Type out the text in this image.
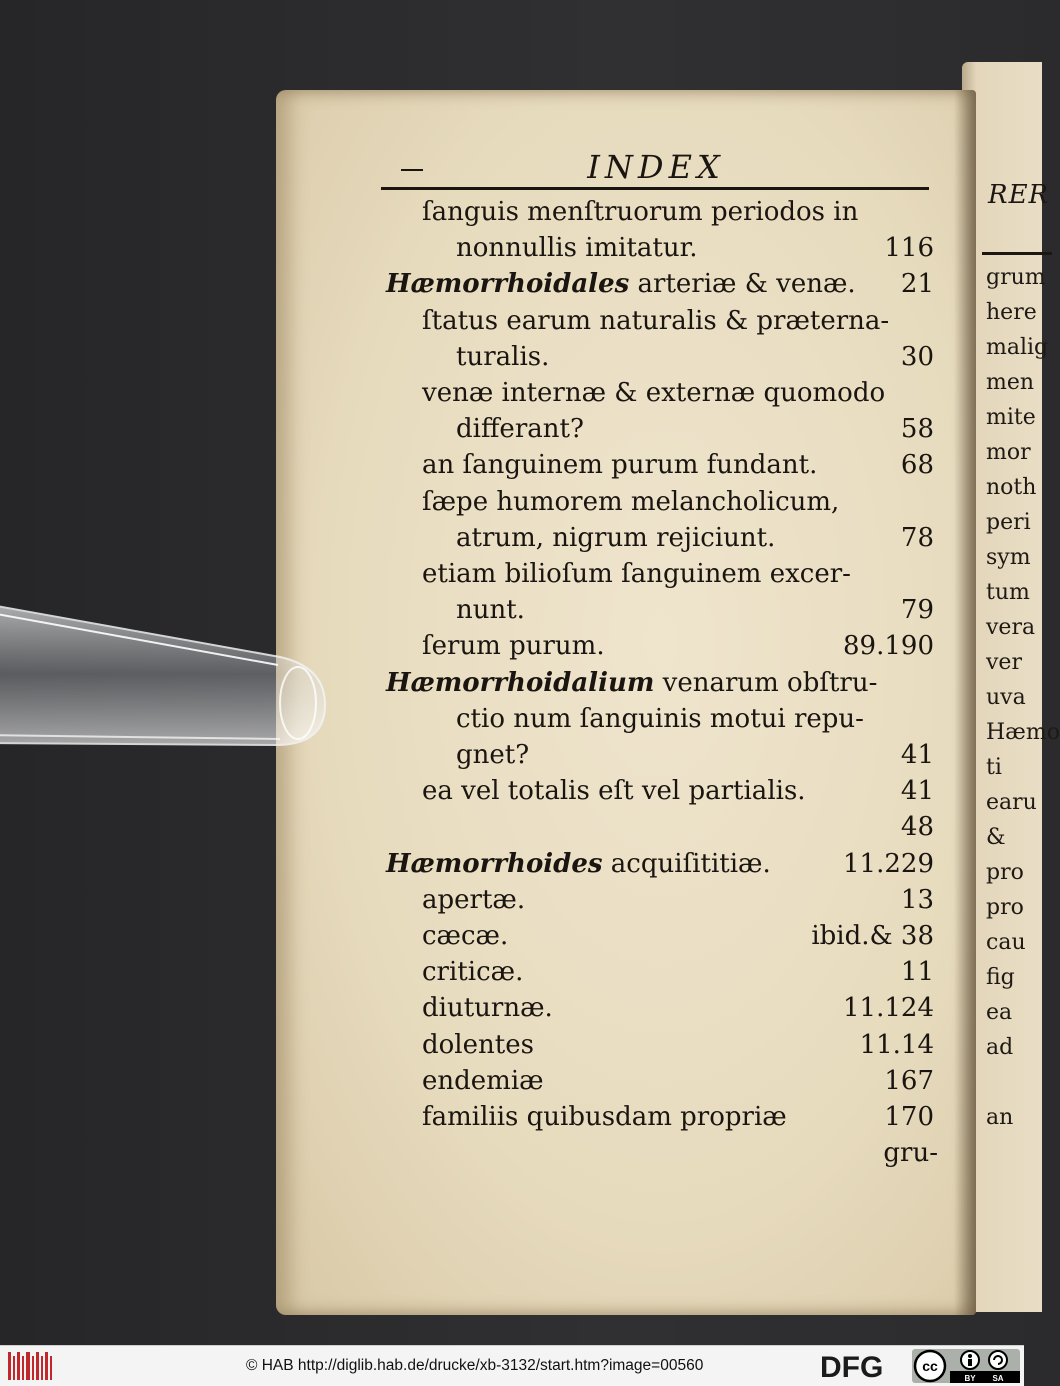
RER
grum
here
malig
men
mite
mor
noth
peri
sym
tum
vera
ver
uva
Hæmo
ti
earu
&
pro
pro
cau
fig
ea
ad
an
INDEX
ſanguis menſtruorum periodos in
nonnullis imitatur.	116
Hæmorrhoidales arteriæ & venæ. 21
ſtatus earum naturalis & præterna-
turalis.	30
venæ internæ & externæ quomodo
differant?	58
an ſanguinem purum fundant.	68
ſæpe humorem melancholicum,
atrum, nigrum rejiciunt.	78
etiam bilioſum ſanguinem excer-
nunt.	79
ſerum purum.	89.190
Hæmorrhoidalium venarum obſtru-
ctio num ſanguinis motui repu-
gnet?	41
ea vel totalis eſt vel partialis.	41
48
Hæmorrhoides acquiſititiæ.	11.229
apertæ.	13
cæcæ.	ibid.& 38
criticæ.	11
diuturnæ.	11.124
dolentes	11.14
endemiæ	167
familiis quibusdam propriæ	170
gru-
© HAB http://diglib.hab.de/drucke/xb-3132/start.htm?image=00560	DFG	cc
BY SA
